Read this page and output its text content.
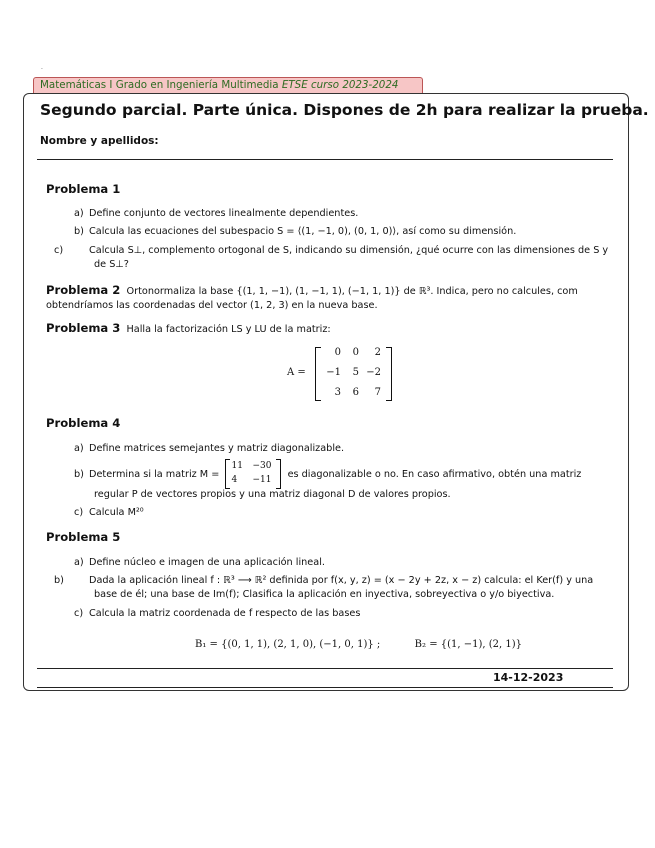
.
Matemáticas I Grado en Ingeniería Multimedia ETSE curso 2023-2024
Segundo parcial. Parte única. Dispones de 2h para realizar la prueba.
Nombre y apellidos:
Problema 1
a) Define conjunto de vectores linealmente dependientes.
b) Calcula las ecuaciones del subespacio S = ⟨(1, −1, 0), (0, 1, 0)⟩, así como su dimensión.
c)	Calcula S⊥, complemento ortogonal de S, indicando su dimensión, ¿qué ocurre con las dimensiones de S y de S⊥?
Problema 2 Ortonormaliza la base {(1, 1, −1), (1, −1, 1), (−1, 1, 1)} de ℝ³. Indica, pero no calcules, com obtendríamos las coordenadas del vector (1, 2, 3) en la nueva base.
Problema 3 Halla la factorización LS y LU de la matriz:
A =
0	0	2
−1	5 −2
3	6	7
Problema 4
a) Define matrices semejantes y matriz diagonalizable.
b) Determina si la matriz M =
11 −30
4 −11 es diagonalizable o no. En caso afirmativo, obtén una matriz
regular P de vectores propios y una matriz diagonal D de valores propios.
c) Calcula M²⁰
Problema 5
a) Define núcleo e imagen de una aplicación lineal.
b)	Dada la aplicación lineal f : ℝ³ ⟶ ℝ² definida por f(x, y, z) = (x − 2y + 2z, x − z) calcula: el Ker(f) y una base de él; una base de Im(f); Clasifica la aplicación en inyectiva, sobreyectiva o y/o biyectiva.
c) Calcula la matriz coordenada de f respecto de las bases
B₁ = {(0, 1, 1), (2, 1, 0), (−1, 0, 1)} ;	B₂ = {(1, −1), (2, 1)}
14-12-2023
